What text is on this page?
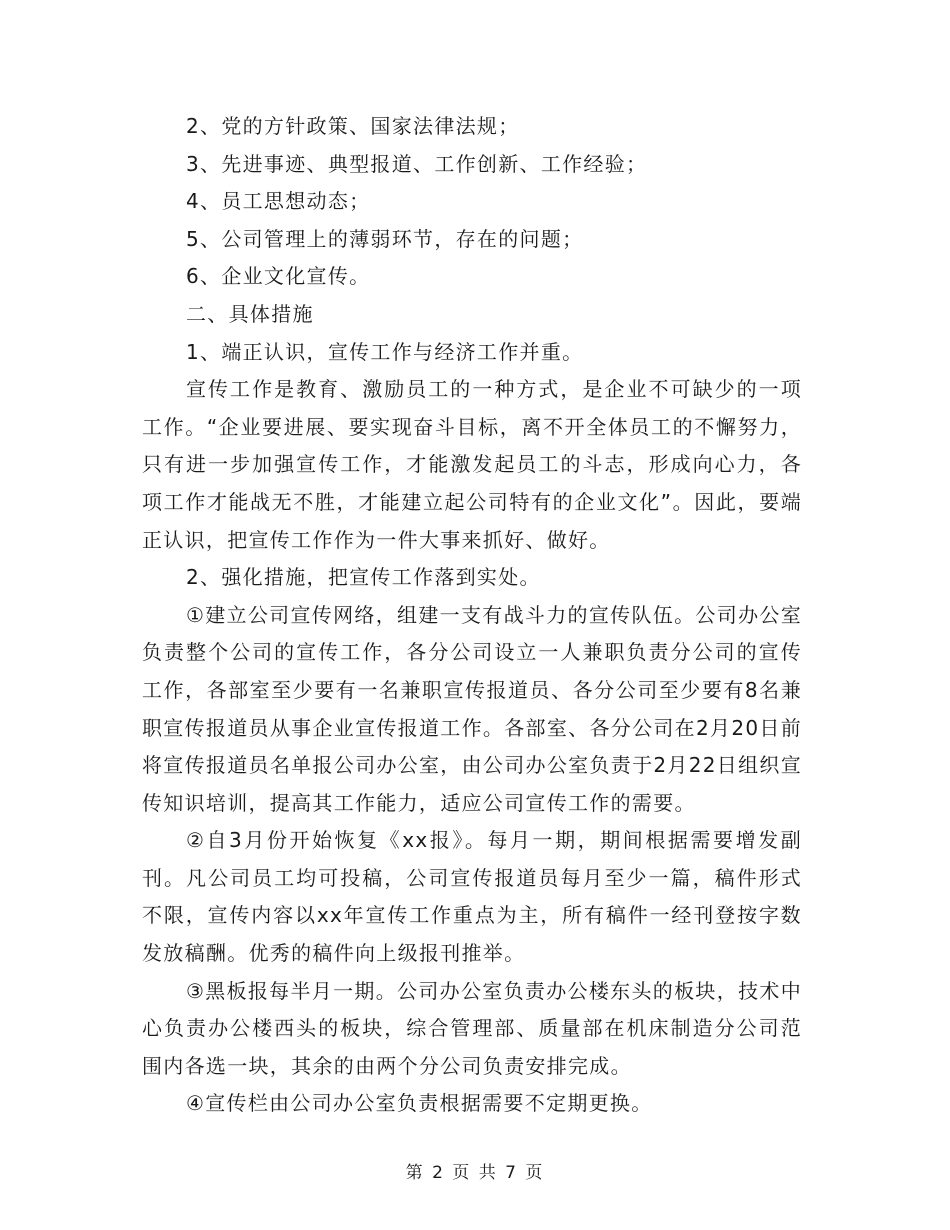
2、党的方针政策、国家法律法规；

3、先进事迹、典型报道、工作创新、工作经验；

4、员工思想动态；

5、公司管理上的薄弱环节，存在的问题；

6、企业文化宣传。

二、具体措施

1、端正认识，宣传工作与经济工作并重。

宣传工作是教育、激励员工的一种方式，是企业不可缺少的一项工作。“企业要进展、要实现奋斗目标，离不开全体员工的不懈努力，只有进一步加强宣传工作，才能激发起员工的斗志，形成向心力，各项工作才能战无不胜，才能建立起公司特有的企业文化”。因此，要端正认识，把宣传工作作为一件大事来抓好、做好。

2、强化措施，把宣传工作落到实处。

①建立公司宣传网络，组建一支有战斗力的宣传队伍。公司办公室负责整个公司的宣传工作，各分公司设立一人兼职负责分公司的宣传工作，各部室至少要有一名兼职宣传报道员、各分公司至少要有8名兼职宣传报道员从事企业宣传报道工作。各部室、各分公司在2月20日前将宣传报道员名单报公司办公室，由公司办公室负责于2月22日组织宣传知识培训，提高其工作能力，适应公司宣传工作的需要。

②自3月份开始恢复《xx报》。每月一期，期间根据需要增发副刊。凡公司员工均可投稿，公司宣传报道员每月至少一篇，稿件形式不限，宣传内容以xx年宣传工作重点为主，所有稿件一经刊登按字数发放稿酬。优秀的稿件向上级报刊推举。

③黑板报每半月一期。公司办公室负责办公楼东头的板块，技术中心负责办公楼西头的板块，综合管理部、质量部在机床制造分公司范围内各选一块，其余的由两个分公司负责安排完成。

④宣传栏由公司办公室负责根据需要不定期更换。

第 2 页 共 7 页
